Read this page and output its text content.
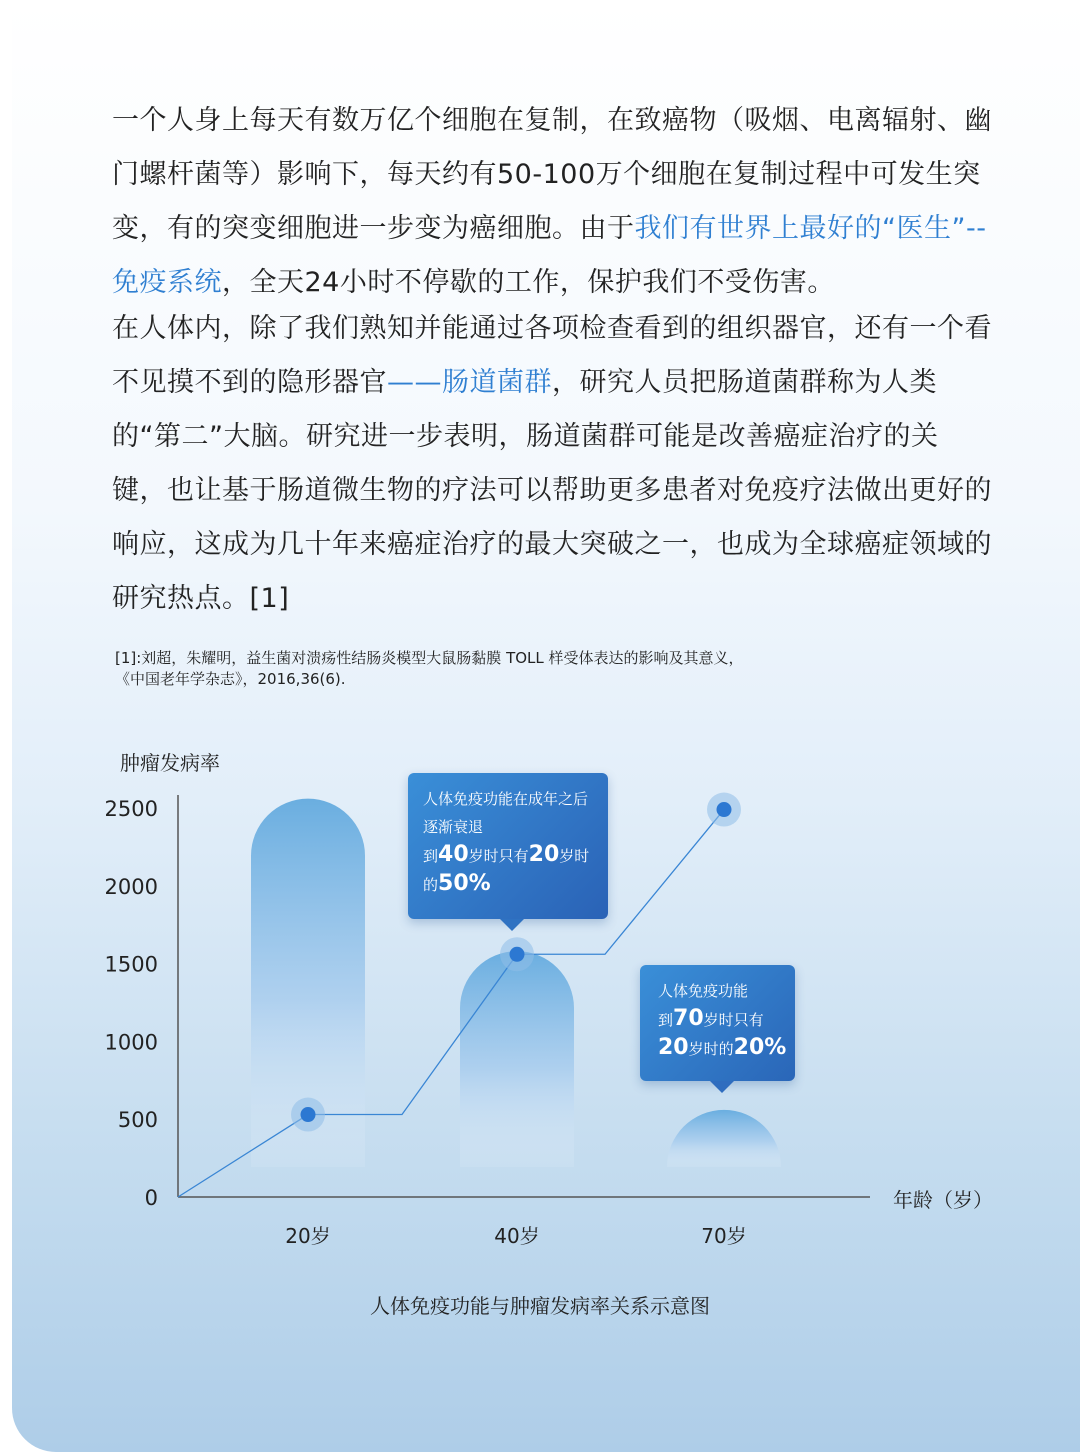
一个人身上每天有数万亿个细胞在复制，在致癌物（吸烟、电离辐射、幽门螺杆菌等）影响下，每天约有50-100万个细胞在复制过程中可发生突变，有的突变细胞进一步变为癌细胞。由于我们有世界上最好的“医生”--免疫系统，全天24小时不停歇的工作，保护我们不受伤害。

在人体内，除了我们熟知并能通过各项检查看到的组织器官，还有一个看不见摸不到的隐形器官——肠道菌群，研究人员把肠道菌群称为人类的“第二”大脑。研究进一步表明，肠道菌群可能是改善癌症治疗的关键，也让基于肠道微生物的疗法可以帮助更多患者对免疫疗法做出更好的响应，这成为几十年来癌症治疗的最大突破之一，也成为全球癌症领域的研究热点。[1]

[1]:刘超，朱耀明，益生菌对溃疡性结肠炎模型大鼠肠黏膜 TOLL 样受体表达的影响及其意义，
《中国老年学杂志》，2016,36(6).

2500
2000
1500
1000
500
0
20岁	40岁	70岁
肿瘤发病率
年龄（岁）
人体免疫功能在成年之后
逐渐衰退
到40岁时只有20岁时
的50%
人体免疫功能
到70岁时只有
20岁时的20%
人体免疫功能与肿瘤发病率关系示意图
